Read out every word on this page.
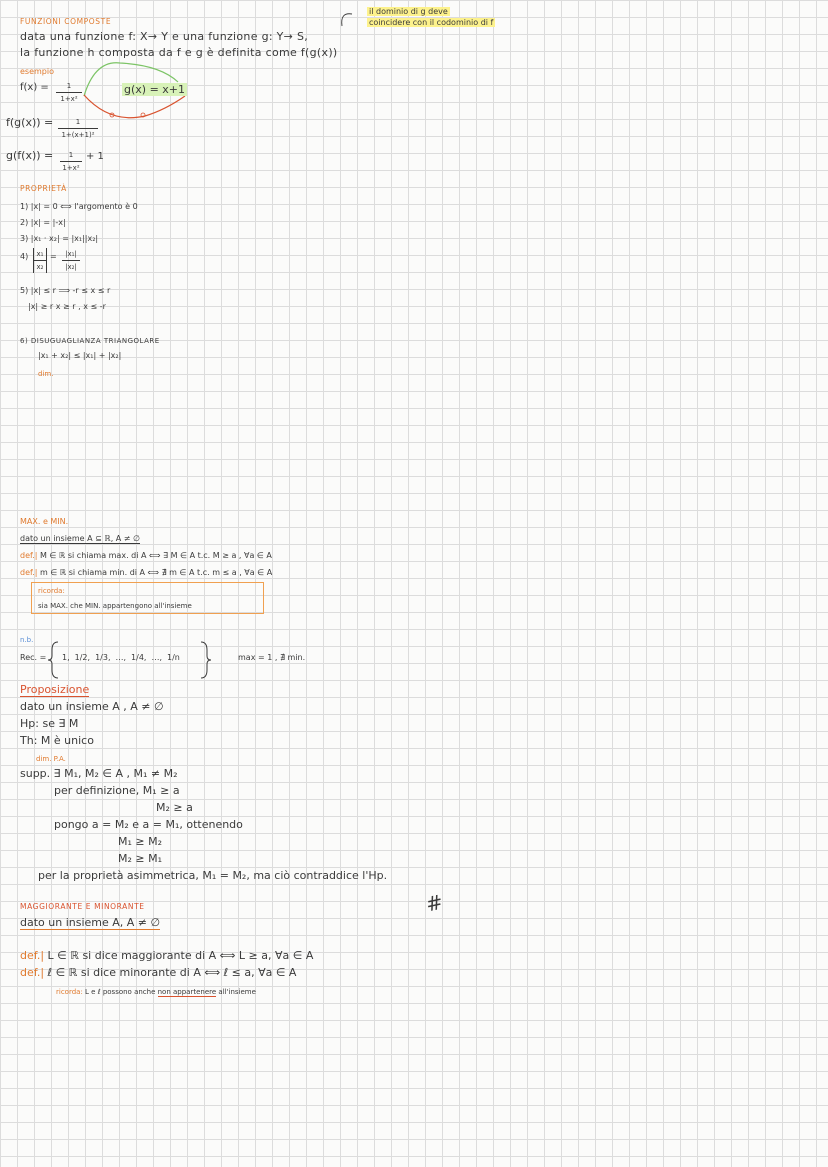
il dominio di g deve
coincidere con il codominio di f
FUNZIONI COMPOSTE
data una funzione f: X→ Y e una funzione g: Y→ S,
la funzione h composta da f e g è definita come f(g(x))
esempio
$f(x) = \frac{1}{\text{1+x²}}$	g(x) = x+1
$f(g(x)) = \frac{1}{\text{1+(x+1)²}}$
$g(f(x)) = \frac{1}{\text{1+x²}} + 1$
PROPRIETÀ
1) |x| = 0 ⟺ l'argomento è 0
2) |x| = |-x|
3) |x₁ · x₂| = |x₁||x₂|
$4) \frac{\text{x₁}}{\text{x₂}} = \frac{\text{|x₁|}}{\text{|x₂|}}$
5) |x| ≤ r ⟹ -r ≤ x ≤ r
|x| ≥ r x ≥ r , x ≤ -r
6) DISUGUAGLIANZA TRIANGOLARE
|x₁ + x₂| ≤ |x₁| + |x₂|
dim.
MAX. e MIN.
dato un insieme A ⊆ ℝ, A ≠ ∅
def.| M ∈ ℝ si chiama max. di A ⟺ ∃ M ∈ A t.c. M ≥ a , ∀a ∈ A
def.| m ∈ ℝ si chiama min. di A ⟺ ∄ m ∈ A t.c. m ≤ a , ∀a ∈ A
ricorda:
sia MAX. che MIN. appartengono all'insieme
n.b.
Rec. = 1, 1/2, 1/3, …, 1/4, …, 1/n	max = 1 , ∄ min.
Proposizione
dato un insieme A , A ≠ ∅
Hp: se ∃ M
Th: M è unico
dim. P.A.
supp. ∃ M₁, M₂ ∈ A , M₁ ≠ M₂
per definizione, M₁ ≥ a
M₂ ≥ a
pongo a = M₂ e a = M₁, ottenendo
M₁ ≥ M₂
M₂ ≥ M₁
per la proprietà asimmetrica, M₁ = M₂, ma ciò contraddice l'Hp.
#
MAGGIORANTE E MINORANTE
dato un insieme A, A ≠ ∅
def.| L ∈ ℝ si dice maggiorante di A ⟺ L ≥ a, ∀a ∈ A
def.| ℓ ∈ ℝ si dice minorante di A ⟺ ℓ ≤ a, ∀a ∈ A
ricorda: L e ℓ possono anche non appartenere all'insieme
